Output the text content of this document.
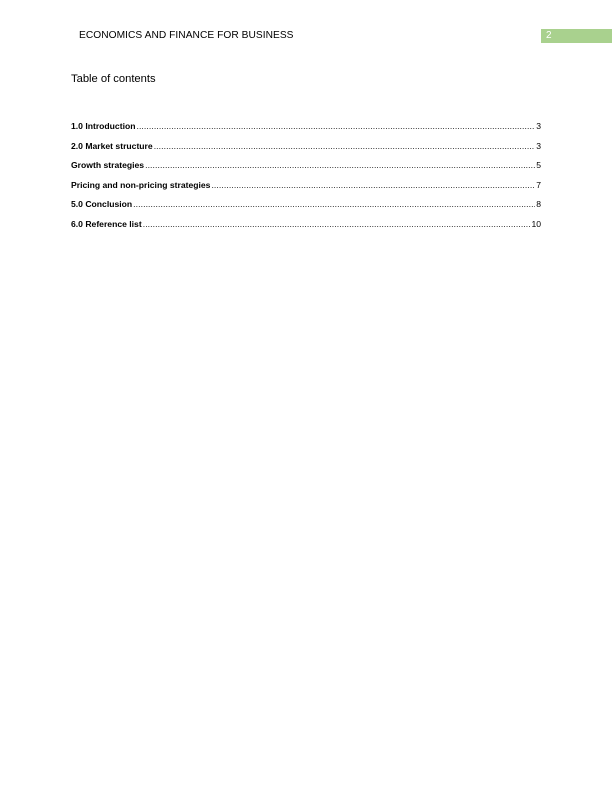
ECONOMICS AND FINANCE FOR BUSINESS	2
Table of contents
1.0 Introduction .....	3
2.0 Market structure .....	3
Growth strategies .....	5
Pricing and non-pricing strategies .....	7
5.0 Conclusion .....	8
6.0 Reference list .....	10
